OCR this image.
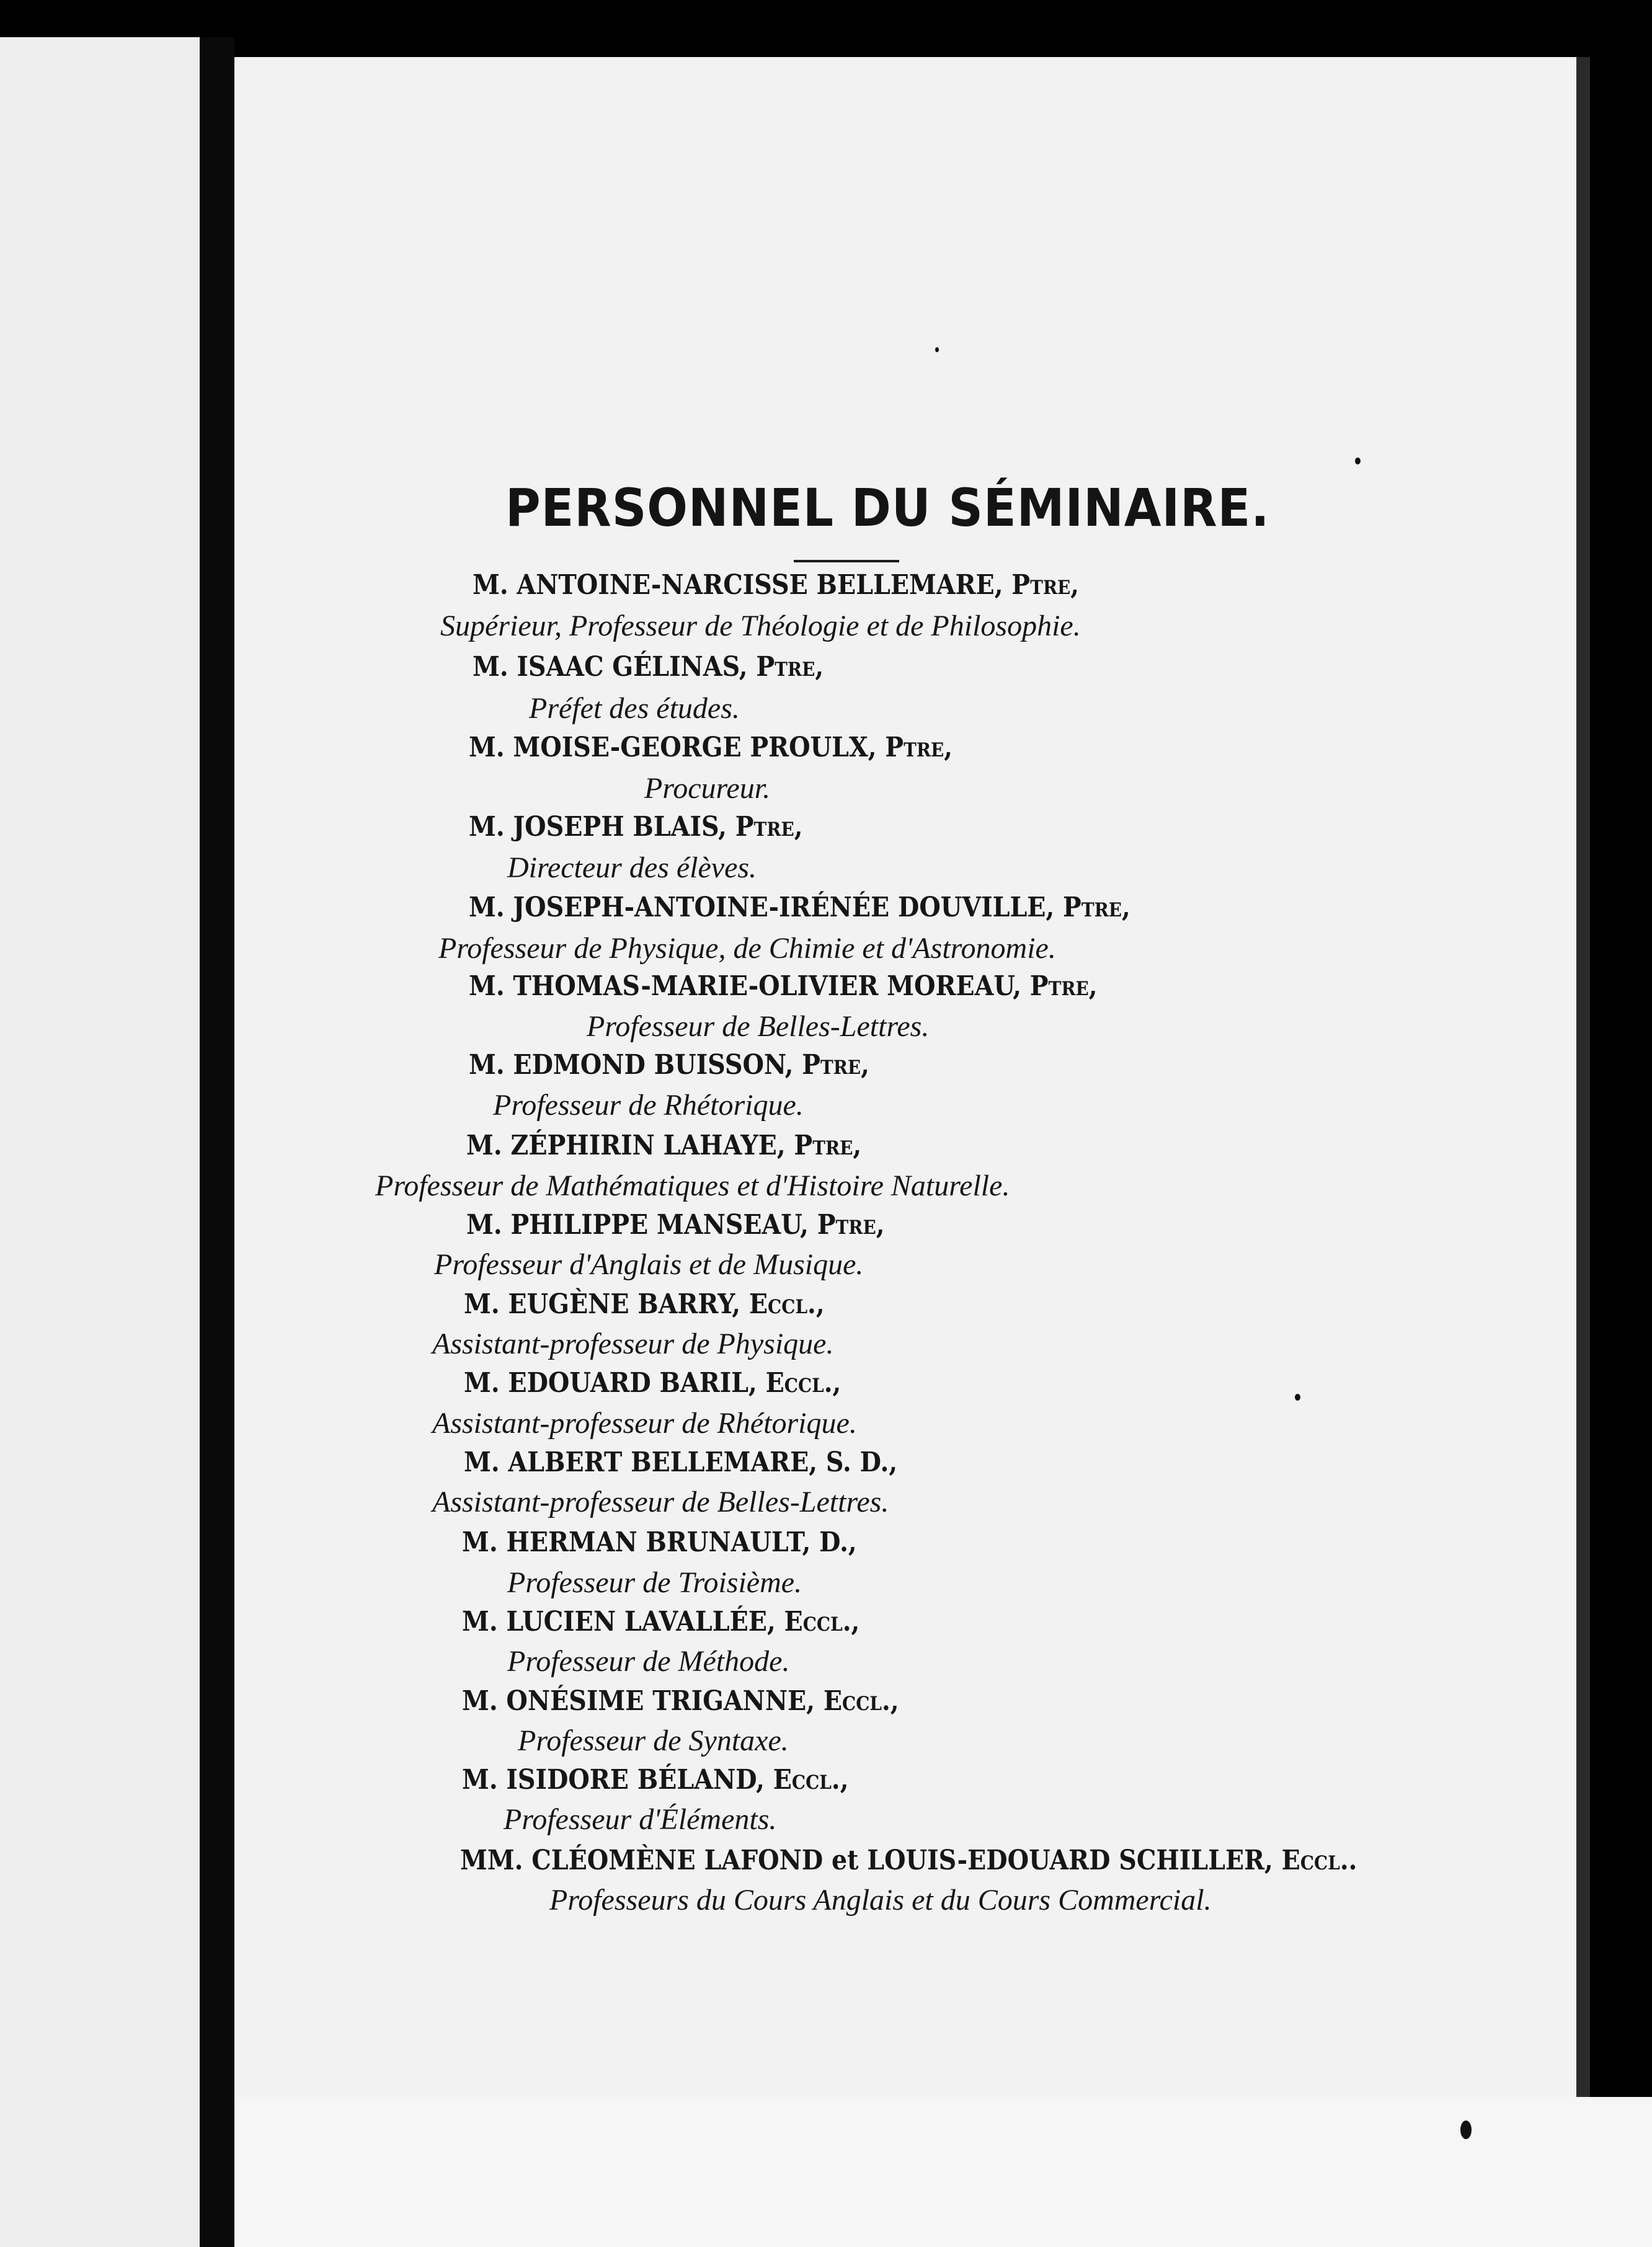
PERSONNEL DU SÉMINAIRE.
M. ANTOINE-NARCISSE BELLEMARE, Ptre,
Supérieur, Professeur de Théologie et de Philosophie.
M. ISAAC GÉLINAS, Ptre,
Préfet des études.
M. MOISE-GEORGE PROULX, Ptre,
Procureur.
M. JOSEPH BLAIS, Ptre,
Directeur des élèves.
M. JOSEPH-ANTOINE-IRÉNÉE DOUVILLE, Ptre,
Professeur de Physique, de Chimie et d'Astronomie.
M. THOMAS-MARIE-OLIVIER MOREAU, Ptre,
Professeur de Belles-Lettres.
M. EDMOND BUISSON, Ptre,
Professeur de Rhétorique.
M. ZÉPHIRIN LAHAYE, Ptre,
Professeur de Mathématiques et d'Histoire Naturelle.
M. PHILIPPE MANSEAU, Ptre,
Professeur d'Anglais et de Musique.
M. EUGÈNE BARRY, Eccl.,
Assistant-professeur de Physique.
M. EDOUARD BARIL, Eccl.,
Assistant-professeur de Rhétorique.
M. ALBERT BELLEMARE, S. D.,
Assistant-professeur de Belles-Lettres.
M. HERMAN BRUNAULT, D.,
Professeur de Troisième.
M. LUCIEN LAVALLÉE, Eccl.,
Professeur de Méthode.
M. ONÉSIME TRIGANNE, Eccl.,
Professeur de Syntaxe.
M. ISIDORE BÉLAND, Eccl.,
Professeur d'Éléments.
MM. CLÉOMÈNE LAFOND et LOUIS-EDOUARD SCHILLER, Eccl..
Professeurs du Cours Anglais et du Cours Commercial.
